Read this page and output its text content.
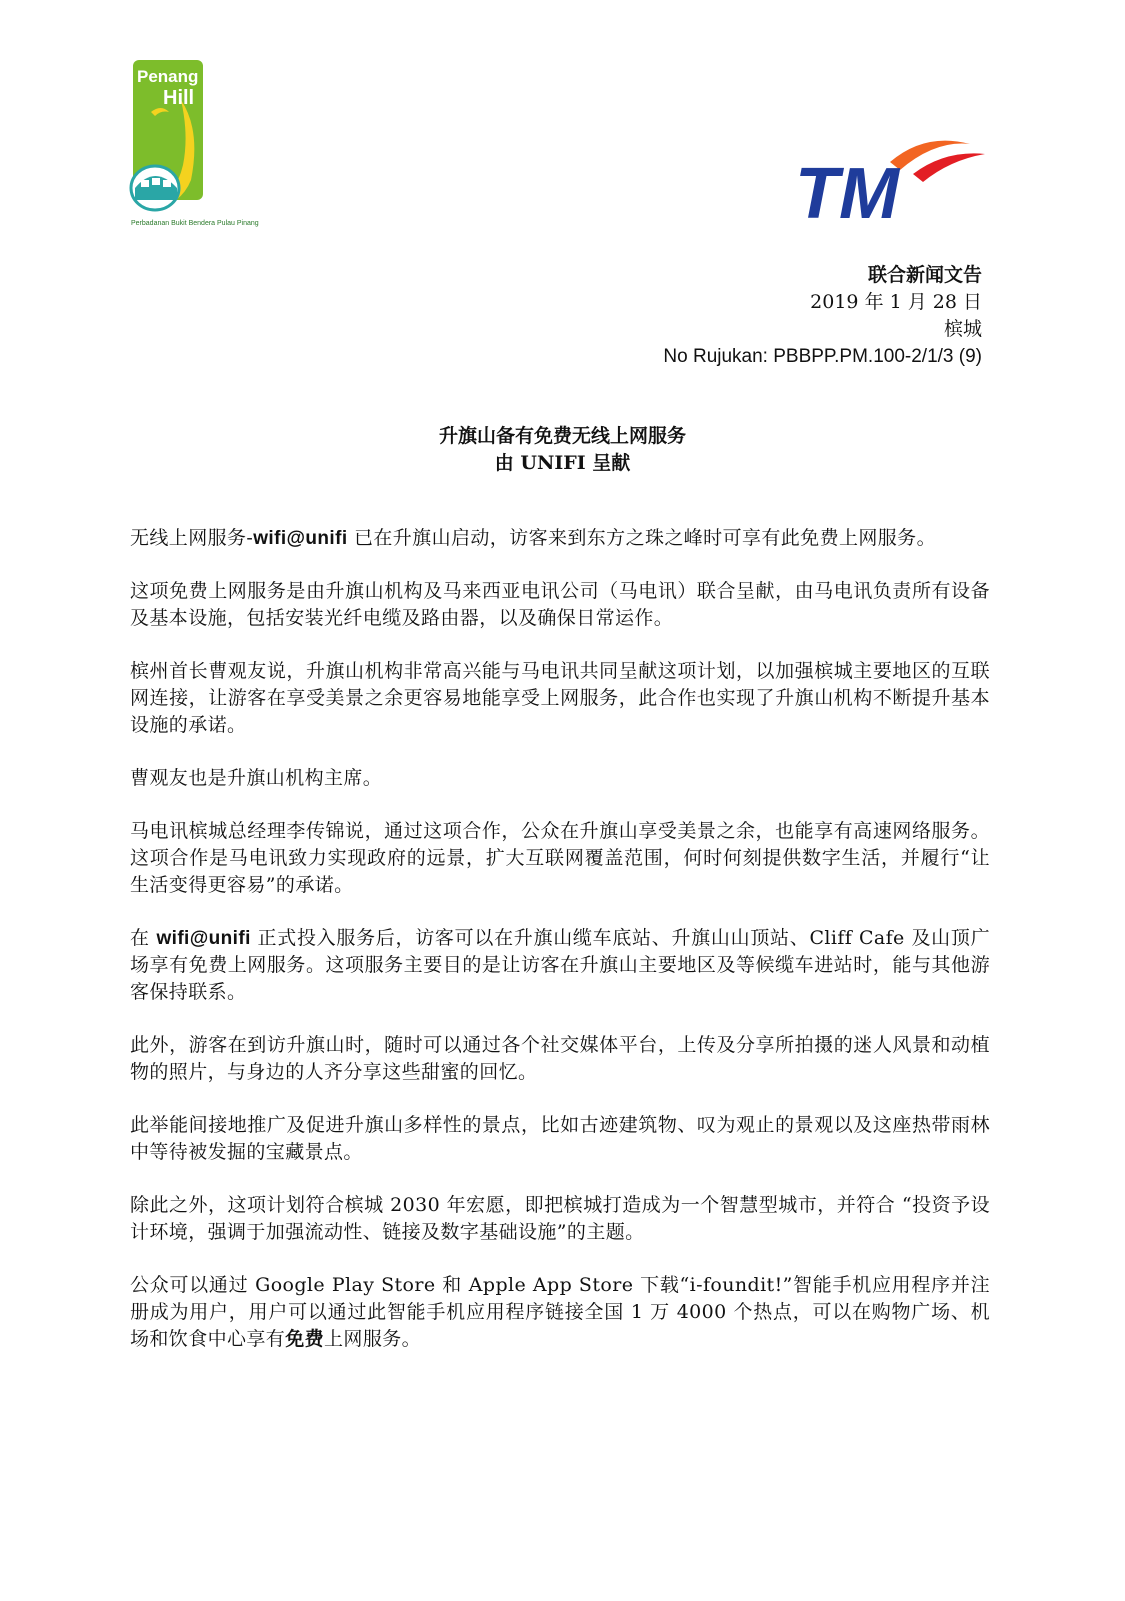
Penang
Hill
Perbadanan Bukit Bendera Pulau Pinang	TM
联合新闻文告
2019 年 1 月 28 日
槟城
No Rujukan: PBBPP.PM.100-2/1/3 (9)
升旗山备有免费无线上网服务
由 UNIFI 呈献

无线上网服务-wifi@unifi 已在升旗山启动，访客来到东方之珠之峰时可享有此免费上网服务。

这项免费上网服务是由升旗山机构及马来西亚电讯公司（马电讯）联合呈献，由马电讯负责所有设备及基本设施，包括安装光纤电缆及路由器，以及确保日常运作。

槟州首长曹观友说，升旗山机构非常高兴能与马电讯共同呈献这项计划，以加强槟城主要地区的互联网连接，让游客在享受美景之余更容易地能享受上网服务，此合作也实现了升旗山机构不断提升基本设施的承诺。

曹观友也是升旗山机构主席。

马电讯槟城总经理李传锦说，通过这项合作，公众在升旗山享受美景之余，也能享有高速网络服务。这项合作是马电讯致力实现政府的远景，扩大互联网覆盖范围，何时何刻提供数字生活，并履行“让生活变得更容易”的承诺。

在 wifi@unifi 正式投入服务后，访客可以在升旗山缆车底站、升旗山山顶站、Cliff Cafe 及山顶广场享有免费上网服务。这项服务主要目的是让访客在升旗山主要地区及等候缆车进站时，能与其他游客保持联系。

此外，游客在到访升旗山时，随时可以通过各个社交媒体平台，上传及分享所拍摄的迷人风景和动植物的照片，与身边的人齐分享这些甜蜜的回忆。

此举能间接地推广及促进升旗山多样性的景点，比如古迹建筑物、叹为观止的景观以及这座热带雨林中等待被发掘的宝藏景点。

除此之外，这项计划符合槟城 2030 年宏愿，即把槟城打造成为一个智慧型城市，并符合 “投资予设计环境，强调于加强流动性、链接及数字基础设施”的主题。

公众可以通过 Google Play Store 和 Apple App Store 下载“i-foundit!”智能手机应用程序并注册成为用户，用户可以通过此智能手机应用程序链接全国 1 万 4000 个热点，可以在购物广场、机场和饮食中心享有免费上网服务。
